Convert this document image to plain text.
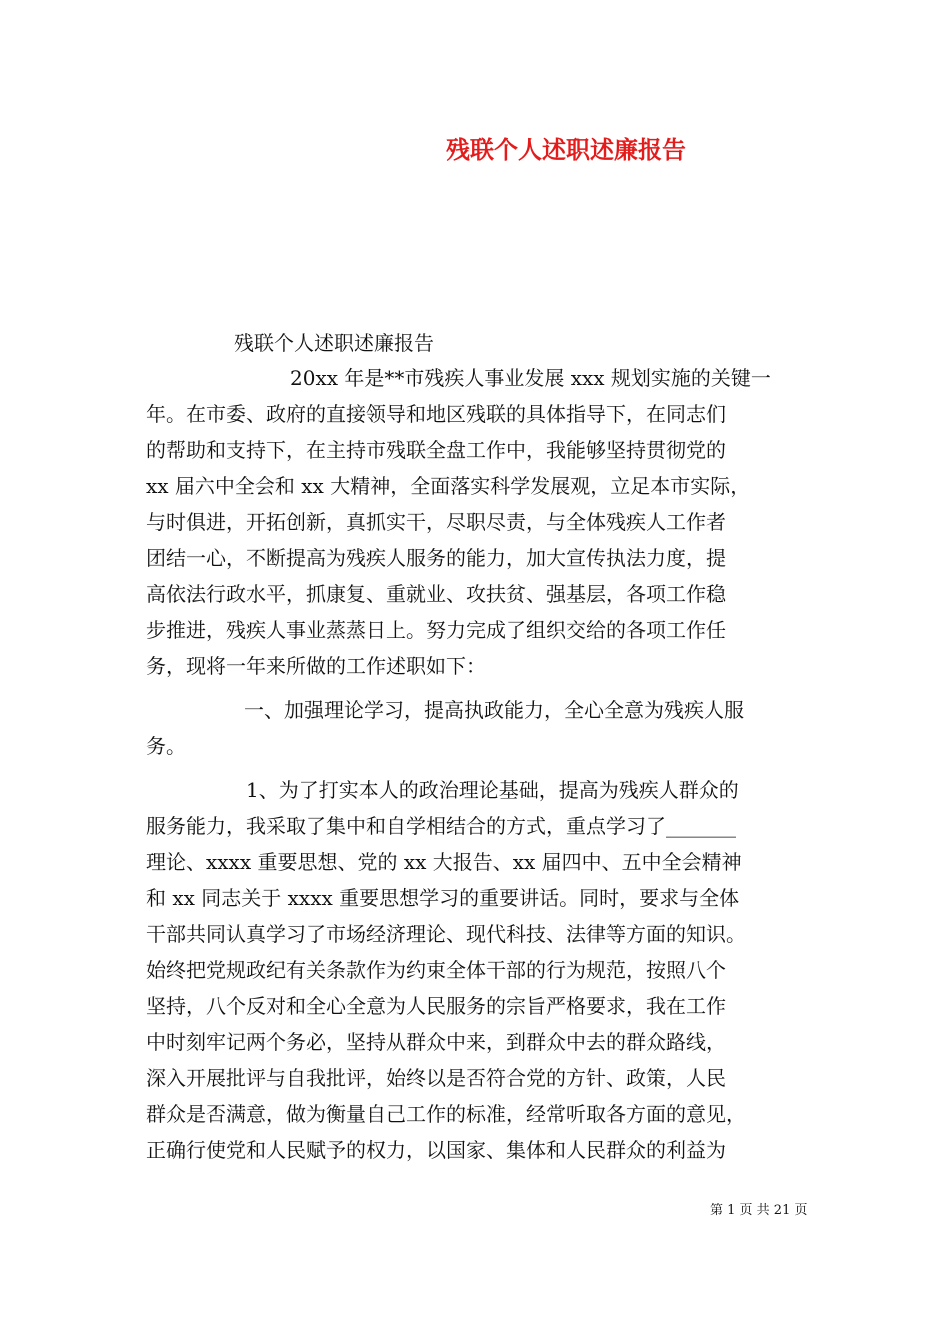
残联个人述职述廉报告

残联个人述职述廉报告

20xx 年是**市残疾人事业发展 xxx 规划实施的关键一

年。在市委、政府的直接领导和地区残联的具体指导下，在同志们

的帮助和支持下，在主持市残联全盘工作中，我能够坚持贯彻党的

xx 届六中全会和 xx 大精神，全面落实科学发展观，立足本市实际，

与时俱进，开拓创新，真抓实干，尽职尽责，与全体残疾人工作者

团结一心，不断提高为残疾人服务的能力，加大宣传执法力度，提

高依法行政水平，抓康复、重就业、攻扶贫、强基层，各项工作稳

步推进，残疾人事业蒸蒸日上。努力完成了组织交给的各项工作任

务，现将一年来所做的工作述职如下：

一、加强理论学习，提高执政能力，全心全意为残疾人服

务。

1、为了打实本人的政治理论基础，提高为残疾人群众的

服务能力，我采取了集中和自学相结合的方式，重点学习了_______

理论、xxxx 重要思想、党的 xx 大报告、xx 届四中、五中全会精神

和 xx 同志关于 xxxx 重要思想学习的重要讲话。同时，要求与全体

干部共同认真学习了市场经济理论、现代科技、法律等方面的知识。

始终把党规政纪有关条款作为约束全体干部的行为规范，按照八个

坚持，八个反对和全心全意为人民服务的宗旨严格要求，我在工作

中时刻牢记两个务必，坚持从群众中来，到群众中去的群众路线，

深入开展批评与自我批评，始终以是否符合党的方针、政策，人民

群众是否满意，做为衡量自己工作的标准，经常听取各方面的意见，

正确行使党和人民赋予的权力，以国家、集体和人民群众的利益为

第 1 页 共 21 页
